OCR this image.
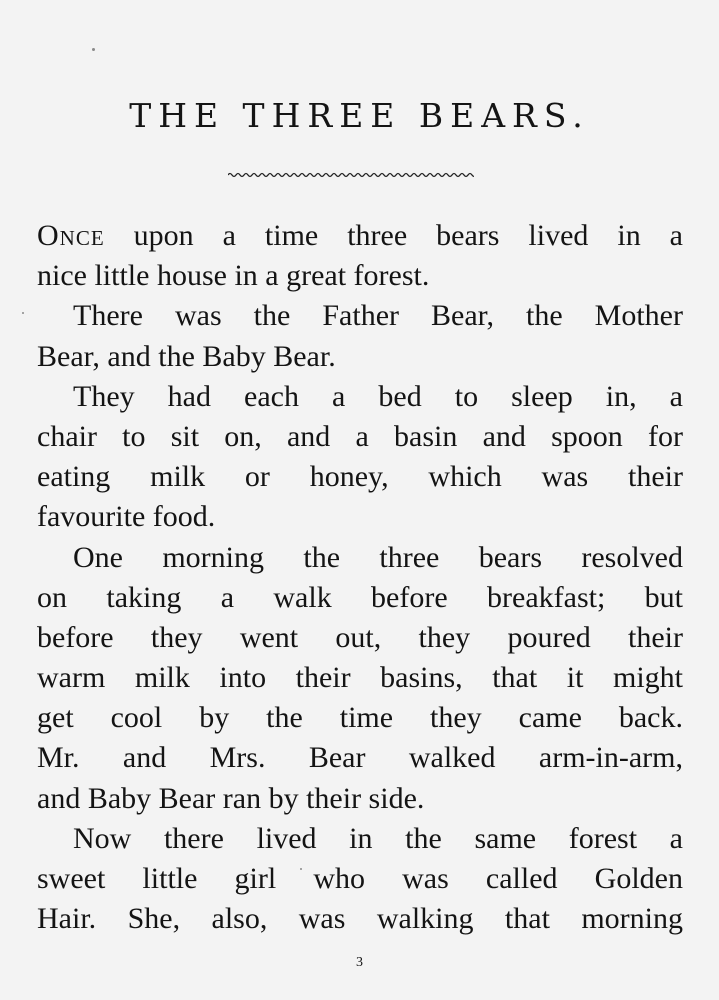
THE THREE BEARS.
Once upon a time three bears lived in a
nice little house in a great forest.
There was the Father Bear, the Mother
Bear, and the Baby Bear.
They had each a bed to sleep in, a
chair to sit on, and a basin and spoon for
eating milk or honey, which was their
favourite food.
One morning the three bears resolved
on taking a walk before breakfast; but
before they went out, they poured their
warm milk into their basins, that it might
get cool by the time they came back.
Mr. and Mrs. Bear walked arm-in-arm,
and Baby Bear ran by their side.
Now there lived in the same forest a
sweet little girl who was called Golden
Hair. She, also, was walking that morning
3
